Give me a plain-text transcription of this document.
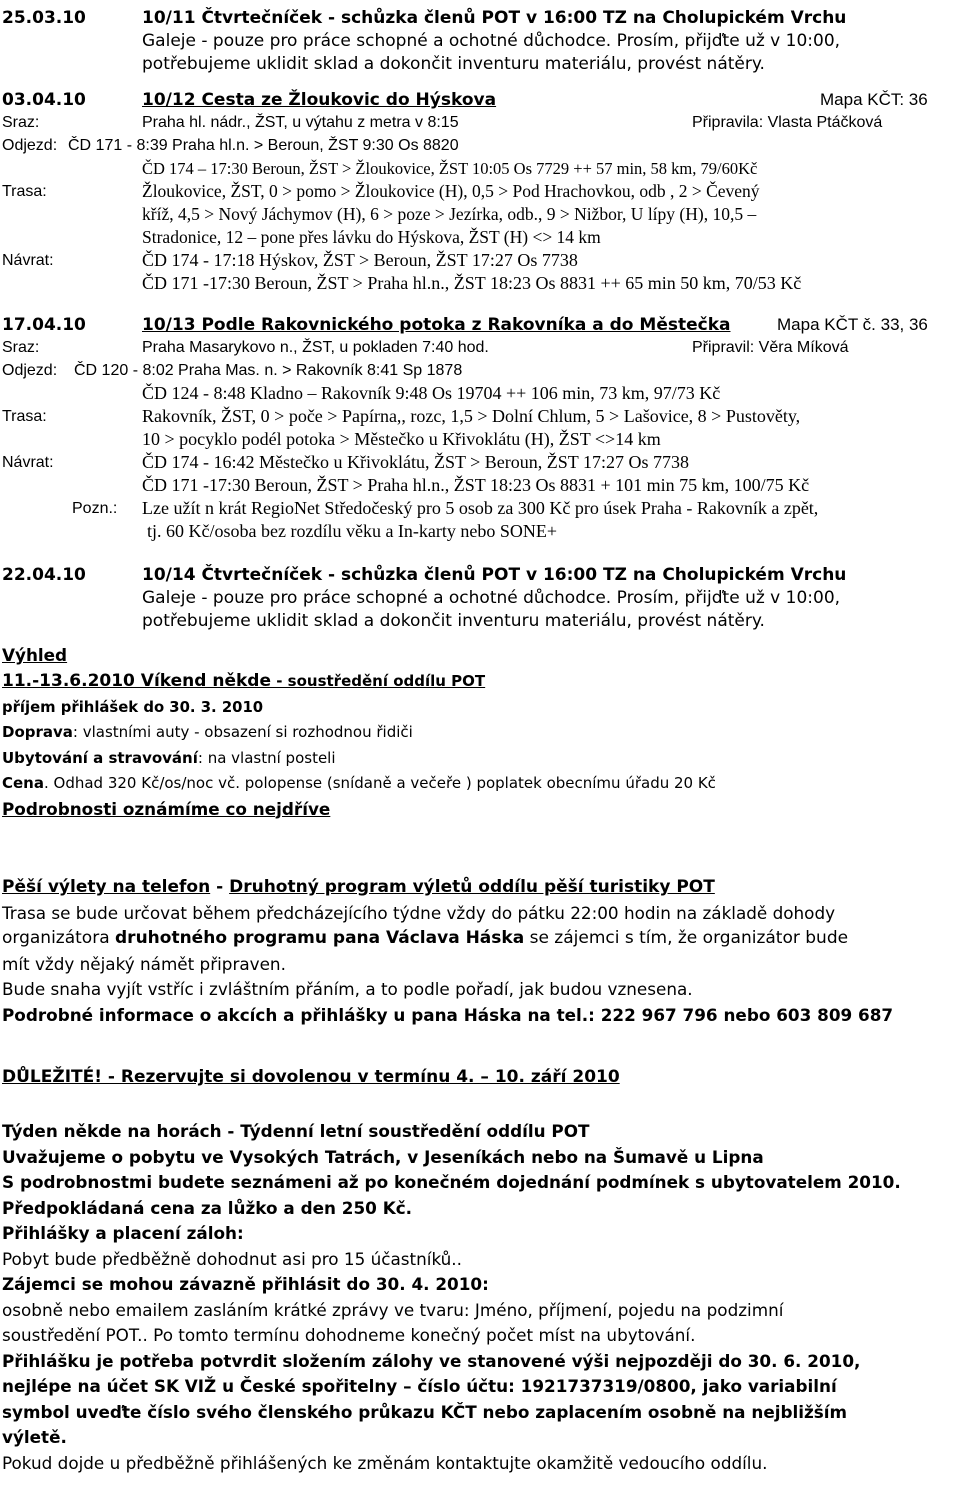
25.03.10	10/11 Čtvrtečníček - schůzka členů POT v 16:00 TZ na Cholupickém Vrchu
Galeje - pouze pro práce schopné a ochotné důchodce. Prosím, přijďte už v 10:00,
potřebujeme uklidit sklad a dokončit inventuru materiálu, provést nátěry.
03.04.10	10/12 Cesta ze Žloukovic do Hýskova	Mapa KČT: 36
Sraz:	Praha hl. nádr., ŽST, u výtahu z metra v 8:15	Připravila: Vlasta Ptáčková
Odjezd: ČD 171 - 8:39 Praha hl.n. > Beroun, ŽST 9:30 Os 8820
ČD 174 – 17:30 Beroun, ŽST > Žloukovice, ŽST 10:05 Os 7729 ++ 57 min, 58 km, 79/60Kč
Trasa:	Žloukovice, ŽST, 0 > pomo > Žloukovice (H), 0,5 > Pod Hrachovkou, odb , 2 > Čevený
kříž, 4,5 > Nový Jáchymov (H), 6 > poze > Jezírka, odb., 9 > Nižbor, U lípy (H), 10,5 –
Stradonice, 12 – pone přes lávku do Hýskova, ŽST (H) <> 14 km
Návrat:	ČD 174 - 17:18 Hýskov, ŽST > Beroun, ŽST 17:27 Os 7738
ČD 171 -17:30 Beroun, ŽST > Praha hl.n., ŽST 18:23 Os 8831 ++ 65 min 50 km, 70/53 Kč
17.04.10	10/13 Podle Rakovnického potoka z Rakovníka a do Městečka	Mapa KČT č. 33, 36
Sraz:	Praha Masarykovo n., ŽST, u pokladen 7:40 hod.	Připravil: Věra Míková
Odjezd: ČD 120 - 8:02 Praha Mas. n. > Rakovník 8:41 Sp 1878
ČD 124 - 8:48 Kladno – Rakovník 9:48 Os 19704 ++ 106 min, 73 km, 97/73 Kč
Trasa:	Rakovník, ŽST, 0 > poče > Papírna,, rozc, 1,5 > Dolní Chlum, 5 > Lašovice, 8 > Pustověty,
10 > pocyklo podél potoka > Městečko u Křivoklátu (H), ŽST <>14 km
Návrat:	ČD 174 - 16:42 Městečko u Křivoklátu, ŽST > Beroun, ŽST 17:27 Os 7738
ČD 171 -17:30 Beroun, ŽST > Praha hl.n., ŽST 18:23 Os 8831 + 101 min 75 km, 100/75 Kč
Pozn.: Lze užít n krát RegioNet Středočeský pro 5 osob za 300 Kč pro úsek Praha - Rakovník a zpět,
tj. 60 Kč/osoba bez rozdílu věku a In-karty nebo SONE+
22.04.10	10/14 Čtvrtečníček - schůzka členů POT v 16:00 TZ na Cholupickém Vrchu
Galeje - pouze pro práce schopné a ochotné důchodce. Prosím, přijďte už v 10:00,
potřebujeme uklidit sklad a dokončit inventuru materiálu, provést nátěry.
Výhled
11.-13.6.2010 Víkend někde - soustředění oddílu POT
příjem přihlášek do 30. 3. 2010
Doprava: vlastními auty - obsazení si rozhodnou řidiči
Ubytování a stravování: na vlastní posteli
Cena. Odhad 320 Kč/os/noc vč. polopense (snídaně a večeře ) poplatek obecnímu úřadu 20 Kč
Podrobnosti oznámíme co nejdříve
Pěší výlety na telefon - Druhotný program výletů oddílu pěší turistiky POT
Trasa se bude určovat během předcházejícího týdne vždy do pátku 22:00 hodin na základě dohody
organizátora druhotného programu pana Václava Háska se zájemci s tím, že organizátor bude
mít vždy nějaký námět připraven.
Bude snaha vyjít vstříc i zvláštním přáním, a to podle pořadí, jak budou vznesena.
Podrobné informace o akcích a přihlášky u pana Háska na tel.: 222 967 796 nebo 603 809 687
DŮLEŽITÉ! - Rezervujte si dovolenou v termínu 4. – 10. září 2010
Týden někde na horách - Týdenní letní soustředění oddílu POT
Uvažujeme o pobytu ve Vysokých Tatrách, v Jeseníkách nebo na Šumavě u Lipna
S podrobnostmi budete seznámeni až po konečném dojednání podmínek s ubytovatelem 2010.
Předpokládaná cena za lůžko a den 250 Kč.
Přihlášky a placení záloh:
Pobyt bude předběžně dohodnut asi pro 15 účastníků..
Zájemci se mohou závazně přihlásit do 30. 4. 2010:
osobně nebo emailem zasláním krátké zprávy ve tvaru: Jméno, příjmení, pojedu na podzimní
soustředění POT.. Po tomto termínu dohodneme konečný počet míst na ubytování.
Přihlášku je potřeba potvrdit složením zálohy ve stanovené výši nejpozději do 30. 6. 2010,
nejlépe na účet SK VIŽ u České spořitelny – číslo účtu: 1921737319/0800, jako variabilní
symbol uveďte číslo svého členského průkazu KČT nebo zaplacením osobně na nejbližším
výletě.
Pokud dojde u předběžně přihlášených ke změnám kontaktujte okamžitě vedoucího oddílu.
